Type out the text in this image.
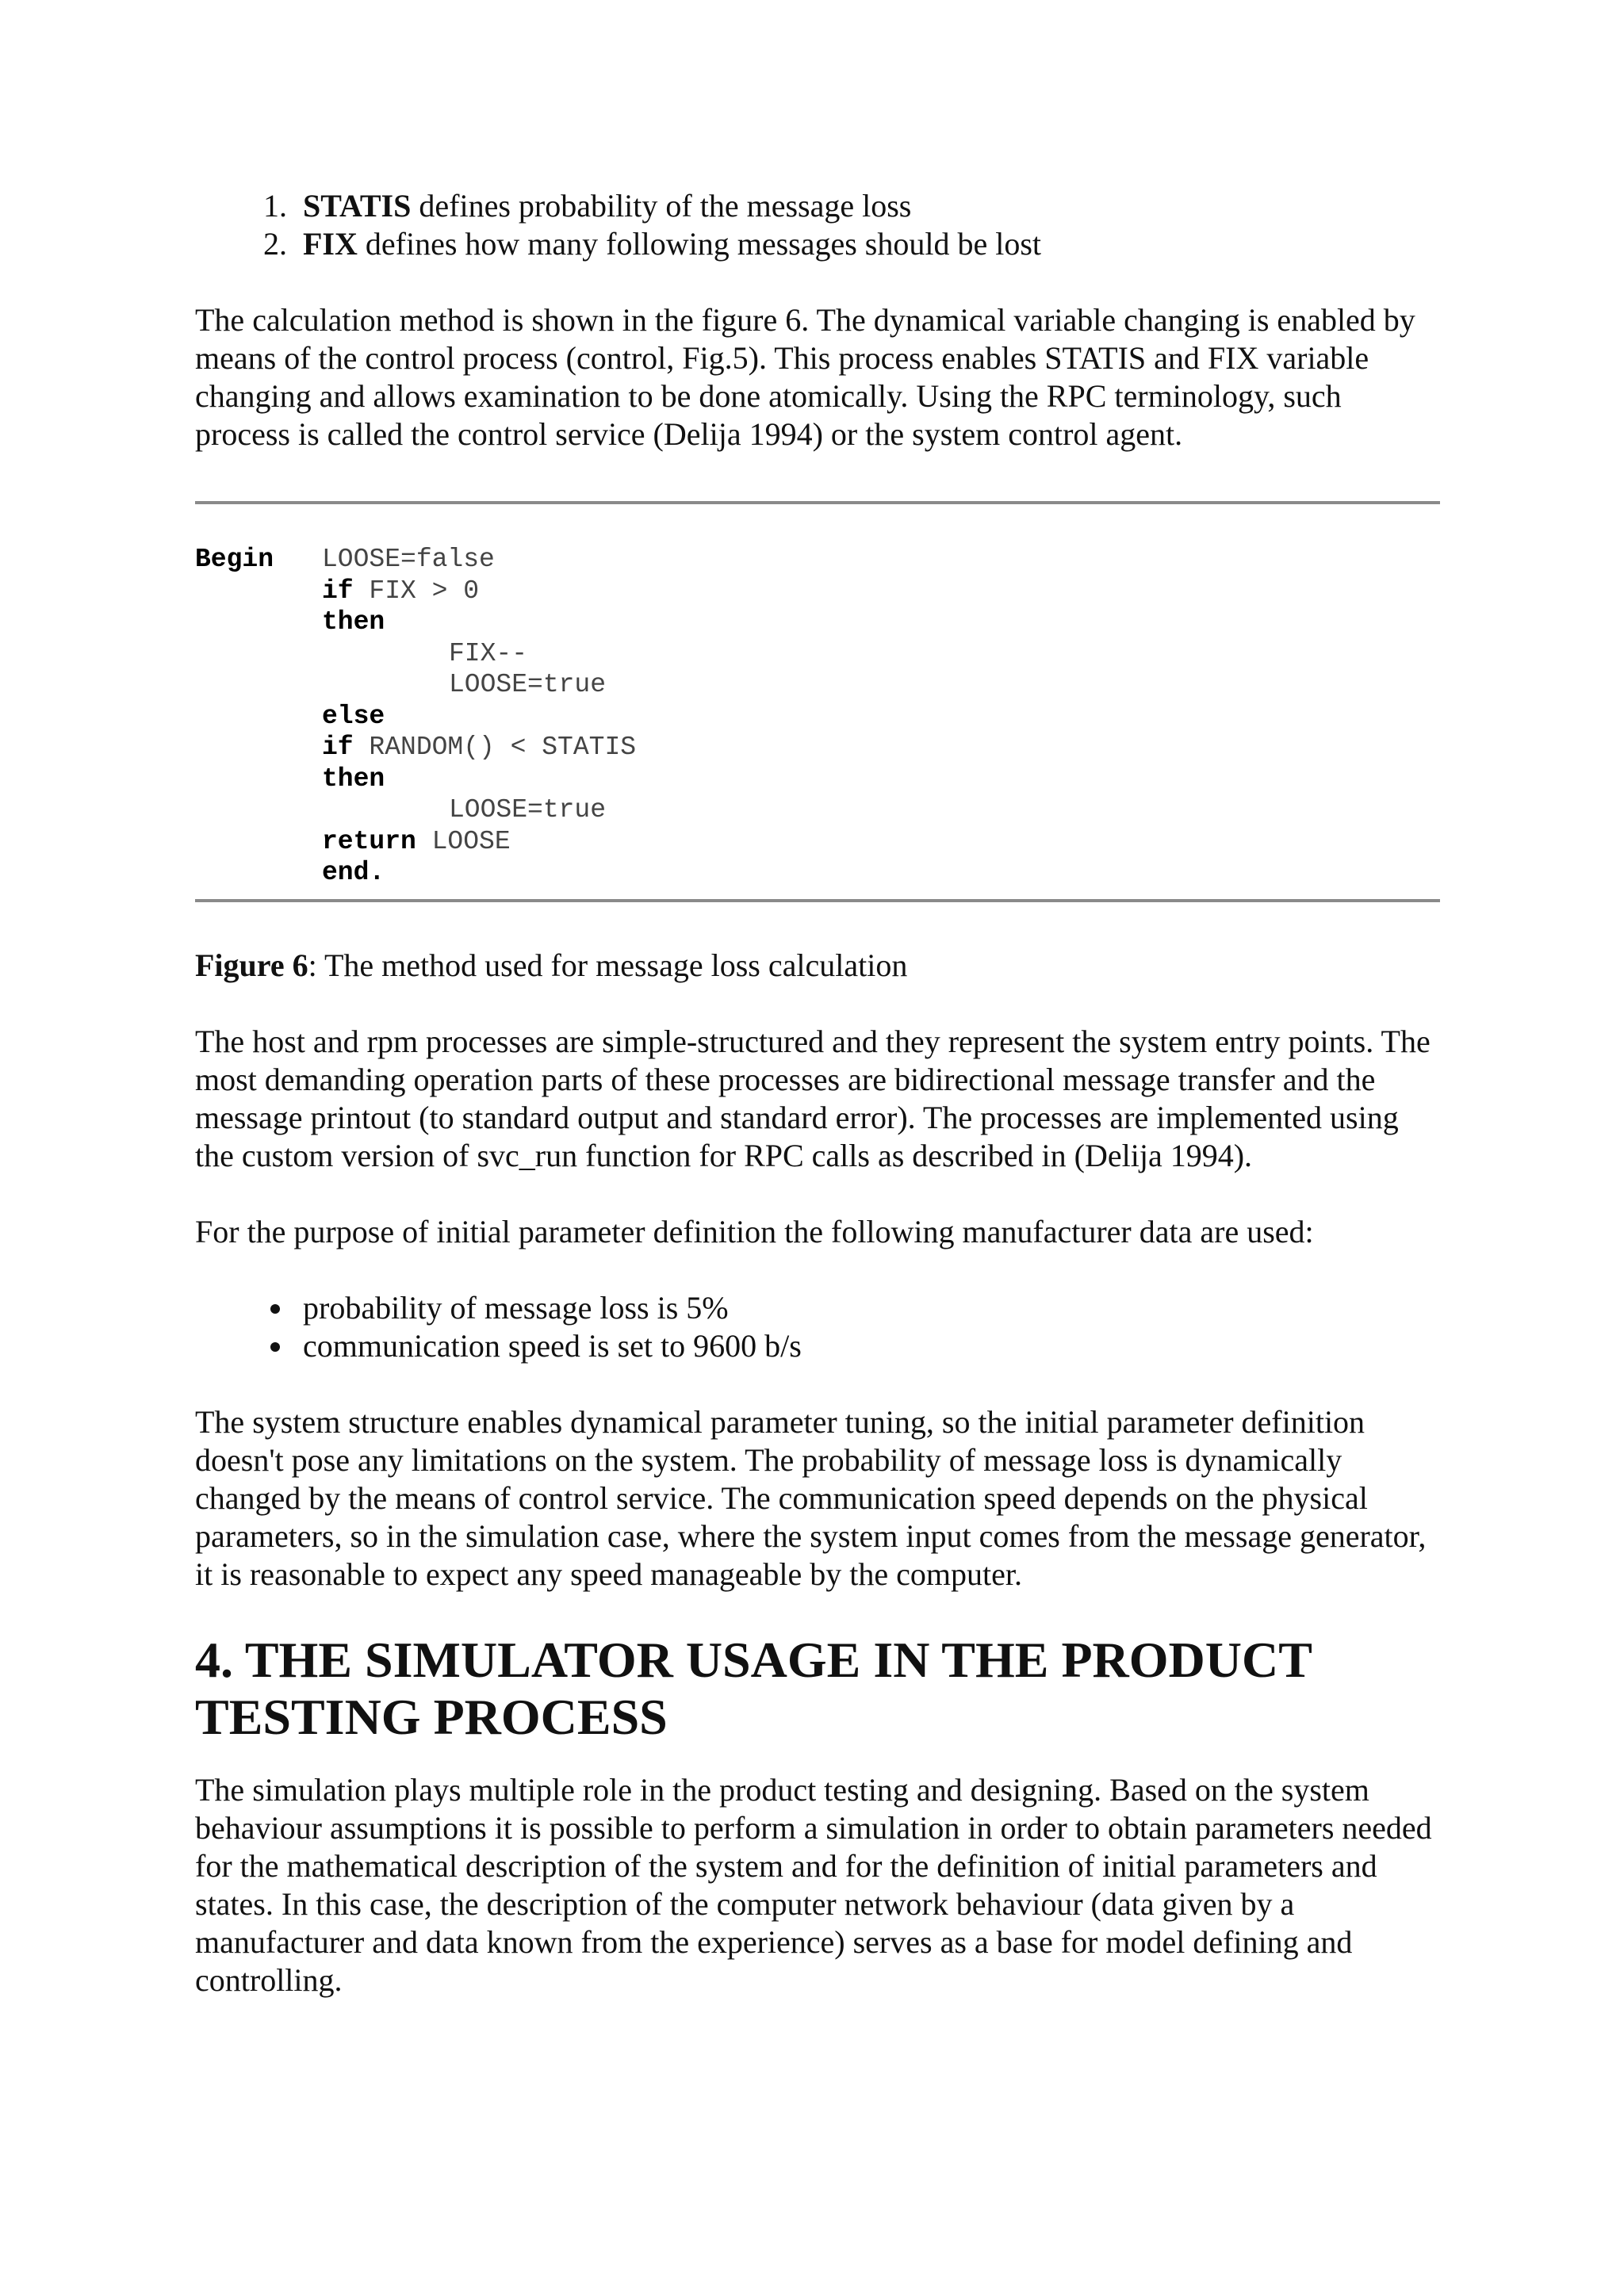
1. STATIS defines probability of the message loss
2. FIX defines how many following messages should be lost

The calculation method is shown in the figure 6. The dynamical variable changing is enabled by means of the control process (control, Fig.5). This process enables STATIS and FIX variable changing and allows examination to be done atomically. Using the RPC terminology, such process is called the control service (Delija 1994) or the system control agent.

Begin LOOSE=false
if FIX > 0
then
FIX--
LOOSE=true
else
if RANDOM() < STATIS
then
LOOSE=true
return LOOSE
end.

Figure 6: The method used for message loss calculation

The host and rpm processes are simple-structured and they represent the system entry points. The most demanding operation parts of these processes are bidirectional message transfer and the message printout (to standard output and standard error). The processes are implemented using the custom version of svc_run function for RPC calls as described in (Delija 1994).

For the purpose of initial parameter definition the following manufacturer data are used:

• probability of message loss is 5%
• communication speed is set to 9600 b/s

The system structure enables dynamical parameter tuning, so the initial parameter definition doesn't pose any limitations on the system. The probability of message loss is dynamically changed by the means of control service. The communication speed depends on the physical parameters, so in the simulation case, where the system input comes from the message generator, it is reasonable to expect any speed manageable by the computer.

4. THE SIMULATOR USAGE IN THE PRODUCT TESTING PROCESS

The simulation plays multiple role in the product testing and designing. Based on the system behaviour assumptions it is possible to perform a simulation in order to obtain parameters needed for the mathematical description of the system and for the definition of initial parameters and states. In this case, the description of the computer network behaviour (data given by a manufacturer and data known from the experience) serves as a base for model defining and controlling.
